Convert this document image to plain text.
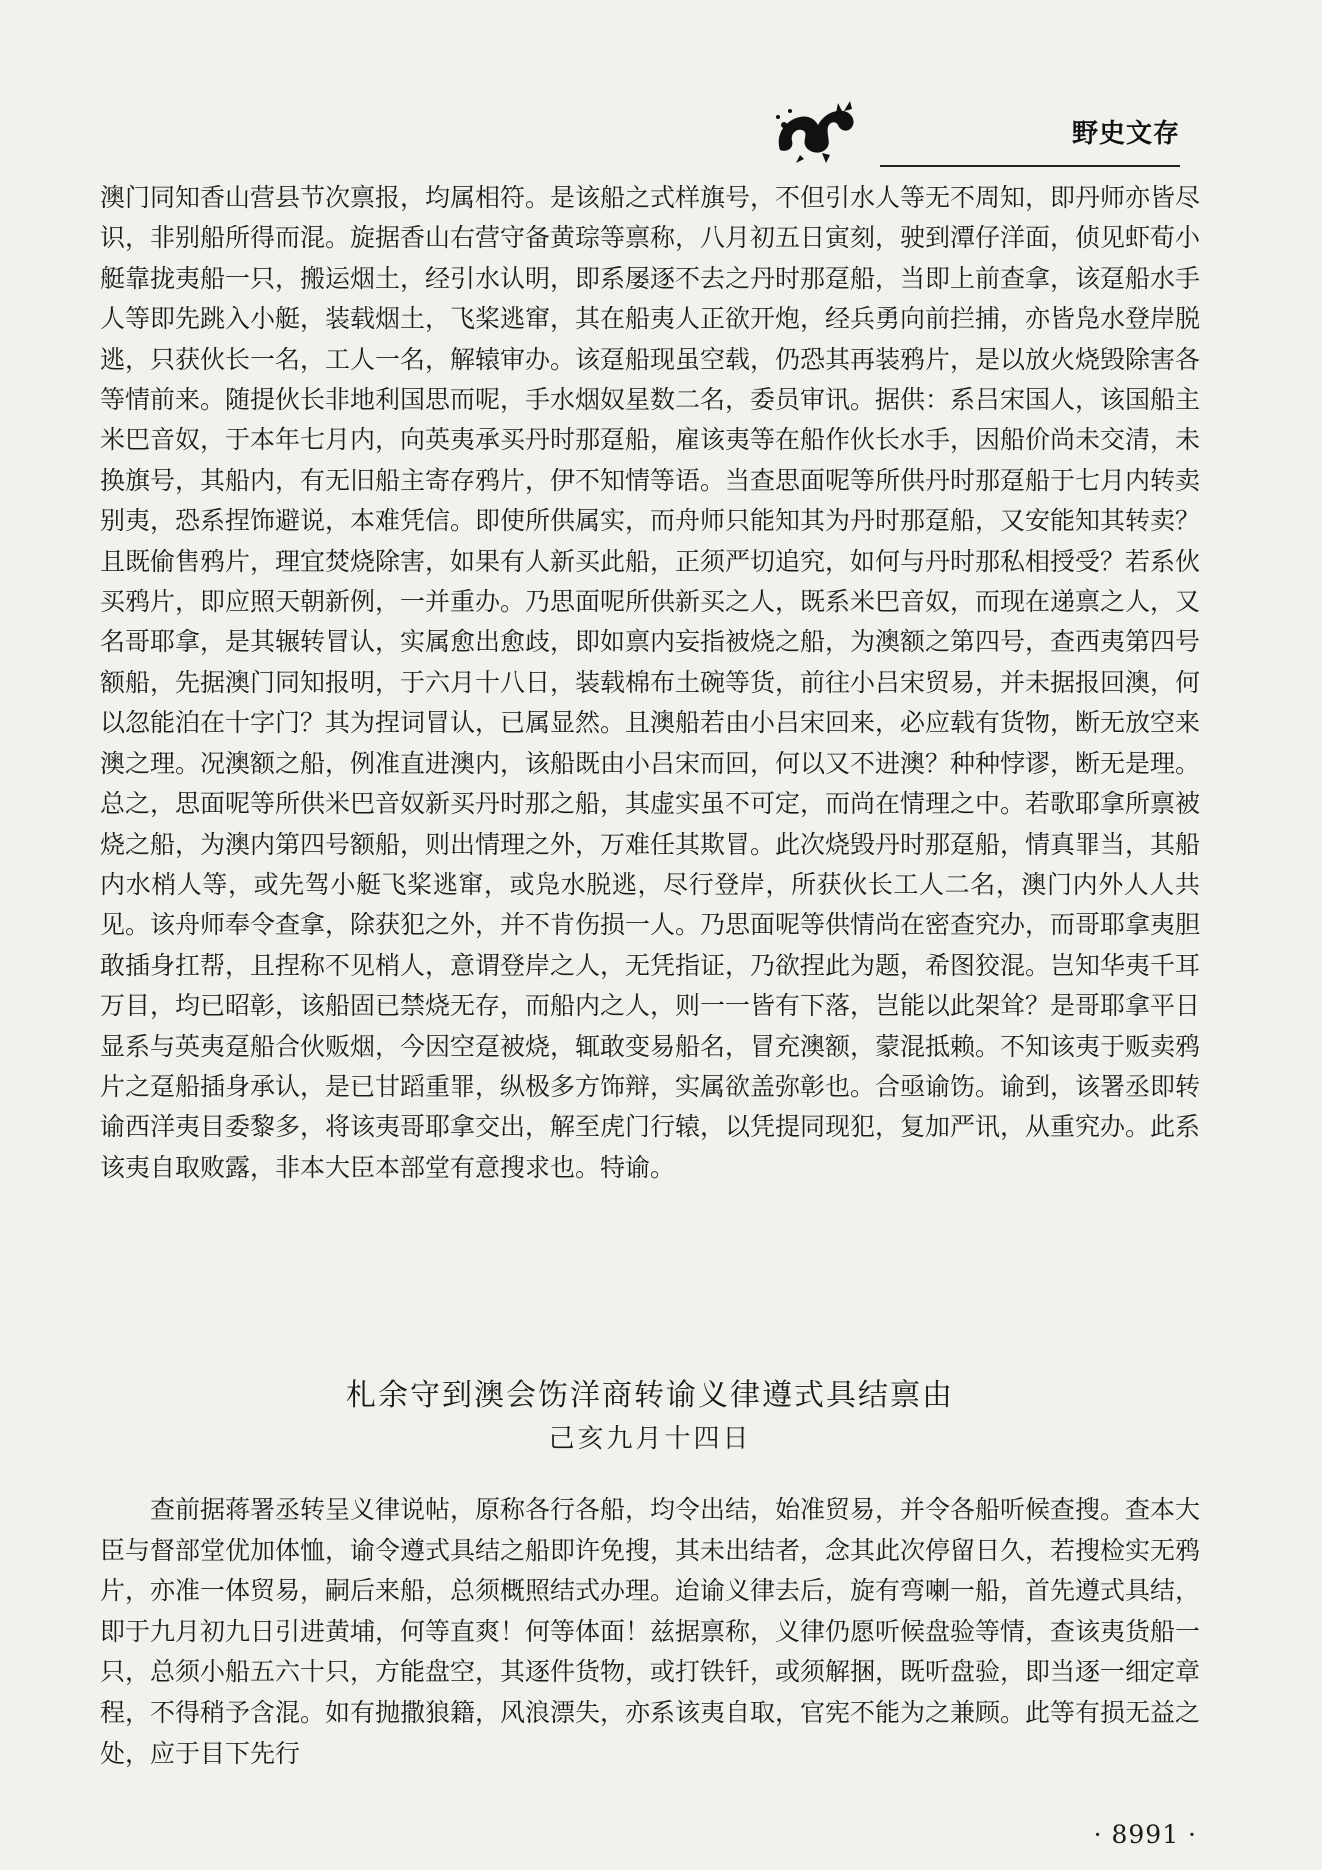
野史文存

澳门同知香山营县节次禀报，均属相符。是该船之式样旗号，不但引水人等无不周知，即丹师亦皆尽识，非别船所得而混。旋据香山右营守备黄琮等禀称，八月初五日寅刻，驶到潭仔洋面，侦见虾荀小艇靠拢夷船一只，搬运烟土，经引水认明，即系屡逐不去之丹时那趸船，当即上前查拿，该趸船水手人等即先跳入小艇，装载烟土，飞桨逃窜，其在船夷人正欲开炮，经兵勇向前拦捕，亦皆凫水登岸脱逃，只获伙长一名，工人一名，解辕审办。该趸船现虽空载，仍恐其再装鸦片，是以放火烧毁除害各等情前来。随提伙长非地利国思而呢，手水烟奴星数二名，委员审讯。据供：系吕宋国人，该国船主米巴音奴，于本年七月内，向英夷承买丹时那趸船，雇该夷等在船作伙长水手，因船价尚未交清，未换旗号，其船内，有无旧船主寄存鸦片，伊不知情等语。当查思面呢等所供丹时那趸船于七月内转卖别夷，恐系捏饰避说，本难凭信。即使所供属实，而舟师只能知其为丹时那趸船，又安能知其转卖？且既偷售鸦片，理宜焚烧除害，如果有人新买此船，正须严切追究，如何与丹时那私相授受？若系伙买鸦片，即应照天朝新例，一并重办。乃思面呢所供新买之人，既系米巴音奴，而现在递禀之人，又名哥耶拿，是其辗转冒认，实属愈出愈歧，即如禀内妄指被烧之船，为澳额之第四号，查西夷第四号额船，先据澳门同知报明，于六月十八日，装载棉布土碗等货，前往小吕宋贸易，并未据报回澳，何以忽能泊在十字门？其为捏词冒认，已属显然。且澳船若由小吕宋回来，必应载有货物，断无放空来澳之理。况澳额之船，例准直进澳内，该船既由小吕宋而回，何以又不进澳？种种悖谬，断无是理。总之，思面呢等所供米巴音奴新买丹时那之船，其虚实虽不可定，而尚在情理之中。若歌耶拿所禀被烧之船，为澳内第四号额船，则出情理之外，万难任其欺冒。此次烧毁丹时那趸船，情真罪当，其船内水梢人等，或先驾小艇飞桨逃窜，或凫水脱逃，尽行登岸，所获伙长工人二名，澳门内外人人共见。该舟师奉令查拿，除获犯之外，并不肯伤损一人。乃思面呢等供情尚在密查究办，而哥耶拿夷胆敢插身扛帮，且捏称不见梢人，意谓登岸之人，无凭指证，乃欲捏此为题，希图狡混。岂知华夷千耳万目，均已昭彰，该船固已禁烧无存，而船内之人，则一一皆有下落，岂能以此架耸？是哥耶拿平日显系与英夷趸船合伙贩烟，今因空趸被烧，辄敢变易船名，冒充澳额，蒙混抵赖。不知该夷于贩卖鸦片之趸船插身承认，是已甘蹈重罪，纵极多方饰辩，实属欲盖弥彰也。合亟谕饬。谕到，该署丞即转谕西洋夷目委黎多，将该夷哥耶拿交出，解至虎门行辕，以凭提同现犯，复加严讯，从重究办。此系该夷自取败露，非本大臣本部堂有意搜求也。特谕。

札余守到澳会饬洋商转谕义律遵式具结禀由
己亥九月十四日

查前据蒋署丞转呈义律说帖，原称各行各船，均令出结，始准贸易，并令各船听候查搜。查本大臣与督部堂优加体恤，谕令遵式具结之船即许免搜，其未出结者，念其此次停留日久，若搜检实无鸦片，亦准一体贸易，嗣后来船，总须概照结式办理。迨谕义律去后，旋有弯喇一船，首先遵式具结，即于九月初九日引进黄埔，何等直爽！何等体面！兹据禀称，义律仍愿听候盘验等情，查该夷货船一只，总须小船五六十只，方能盘空，其逐件货物，或打铁钎，或须解捆，既听盘验，即当逐一细定章程，不得稍予含混。如有抛撒狼籍，风浪漂失，亦系该夷自取，官宪不能为之兼顾。此等有损无益之处，应于目下先行

· 8991 ·
